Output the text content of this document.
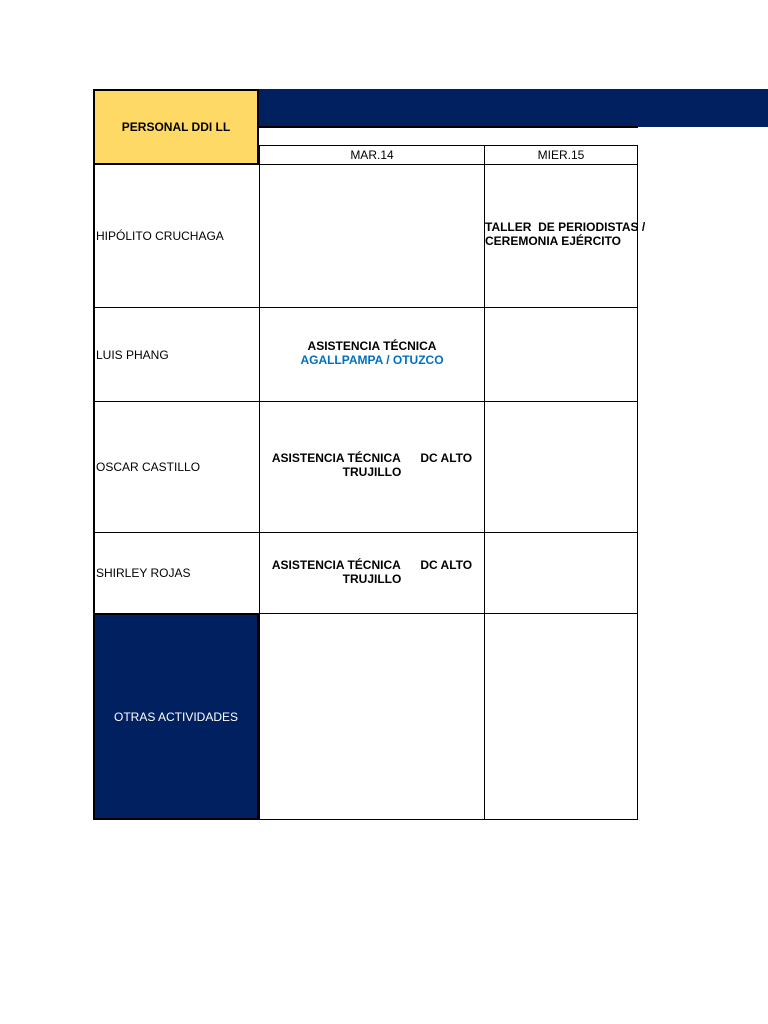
PERSONAL DDI LL
MAR.14	MIER.15
HIPÓLITO CRUCHAGA
TALLER  DE PERIODISTAS /
CEREMONIA EJÉRCITO
LUIS PHANG
ASISTENCIA TÉCNICA
AGALLPAMPA / OTUZCO
OSCAR CASTILLO
ASISTENCIA TÉCNICA      DC ALTO
TRUJILLO
SHIRLEY ROJAS
ASISTENCIA TÉCNICA      DC ALTO
TRUJILLO
OTRAS ACTIVIDADES
